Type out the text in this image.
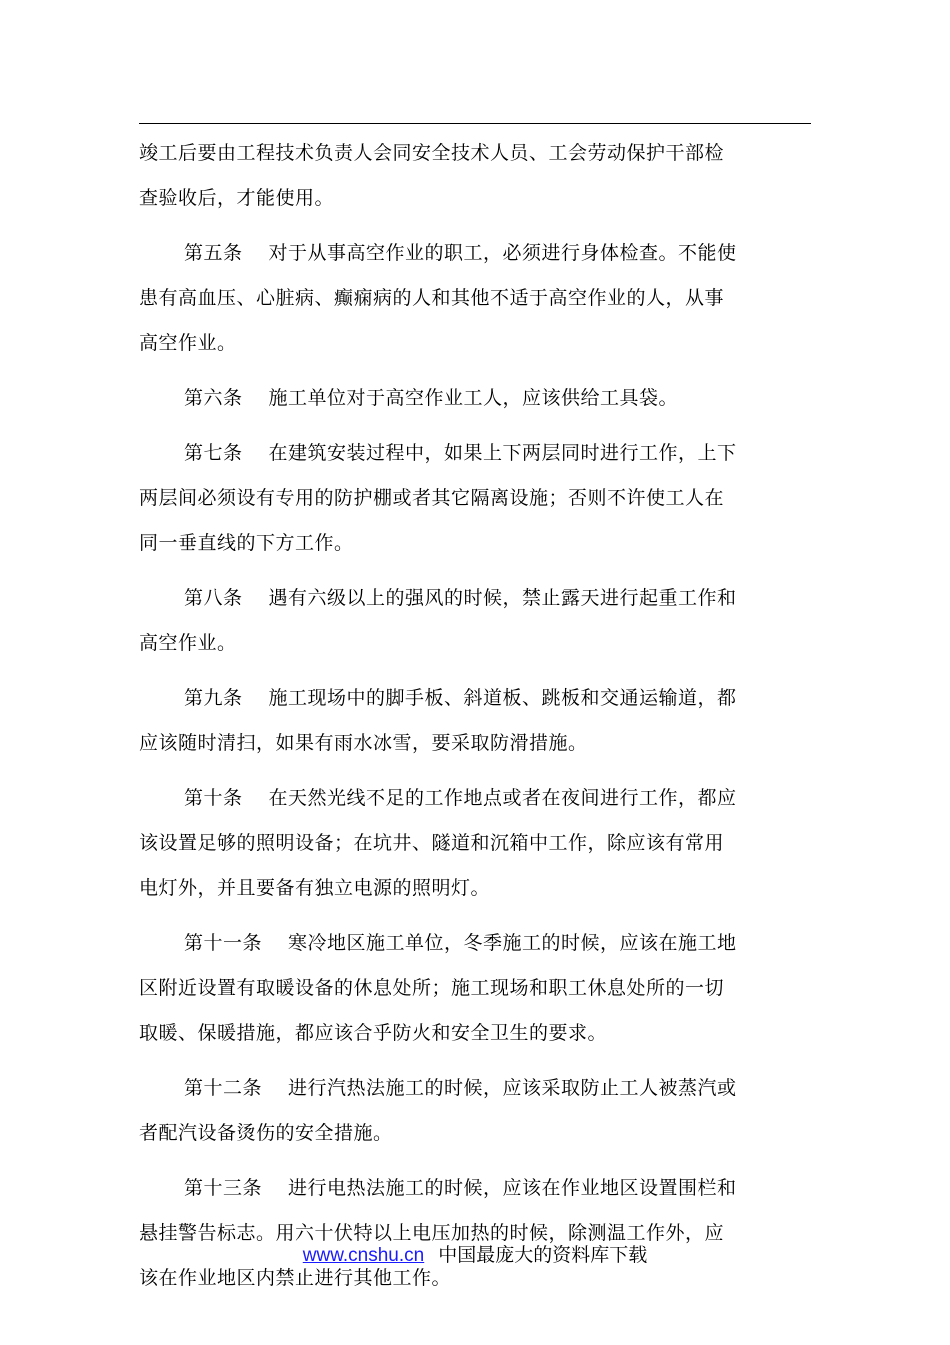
竣工后要由工程技术负责人会同安全技术人员、工会劳动保护干部检
查验收后，才能使用。

第五条 对于从事高空作业的职工，必须进行身体检查。不能使
患有高血压、心脏病、癫痫病的人和其他不适于高空作业的人，从事
高空作业。

第六条 施工单位对于高空作业工人，应该供给工具袋。

第七条 在建筑安装过程中，如果上下两层同时进行工作，上下
两层间必须设有专用的防护棚或者其它隔离设施；否则不许使工人在
同一垂直线的下方工作。

第八条 遇有六级以上的强风的时候，禁止露天进行起重工作和
高空作业。

第九条 施工现场中的脚手板、斜道板、跳板和交通运输道，都
应该随时清扫，如果有雨水冰雪，要采取防滑措施。

第十条 在天然光线不足的工作地点或者在夜间进行工作，都应
该设置足够的照明设备；在坑井、隧道和沉箱中工作，除应该有常用
电灯外，并且要备有独立电源的照明灯。

第十一条 寒冷地区施工单位，冬季施工的时候，应该在施工地
区附近设置有取暖设备的休息处所；施工现场和职工休息处所的一切
取暖、保暖措施，都应该合乎防火和安全卫生的要求。

第十二条 进行汽热法施工的时候，应该采取防止工人被蒸汽或
者配汽设备烫伤的安全措施。

第十三条 进行电热法施工的时候，应该在作业地区设置围栏和
悬挂警告标志。用六十伏特以上电压加热的时候，除测温工作外，应
该在作业地区内禁止进行其他工作。

www.cnshu.cn 中国最庞大的资料库下载
